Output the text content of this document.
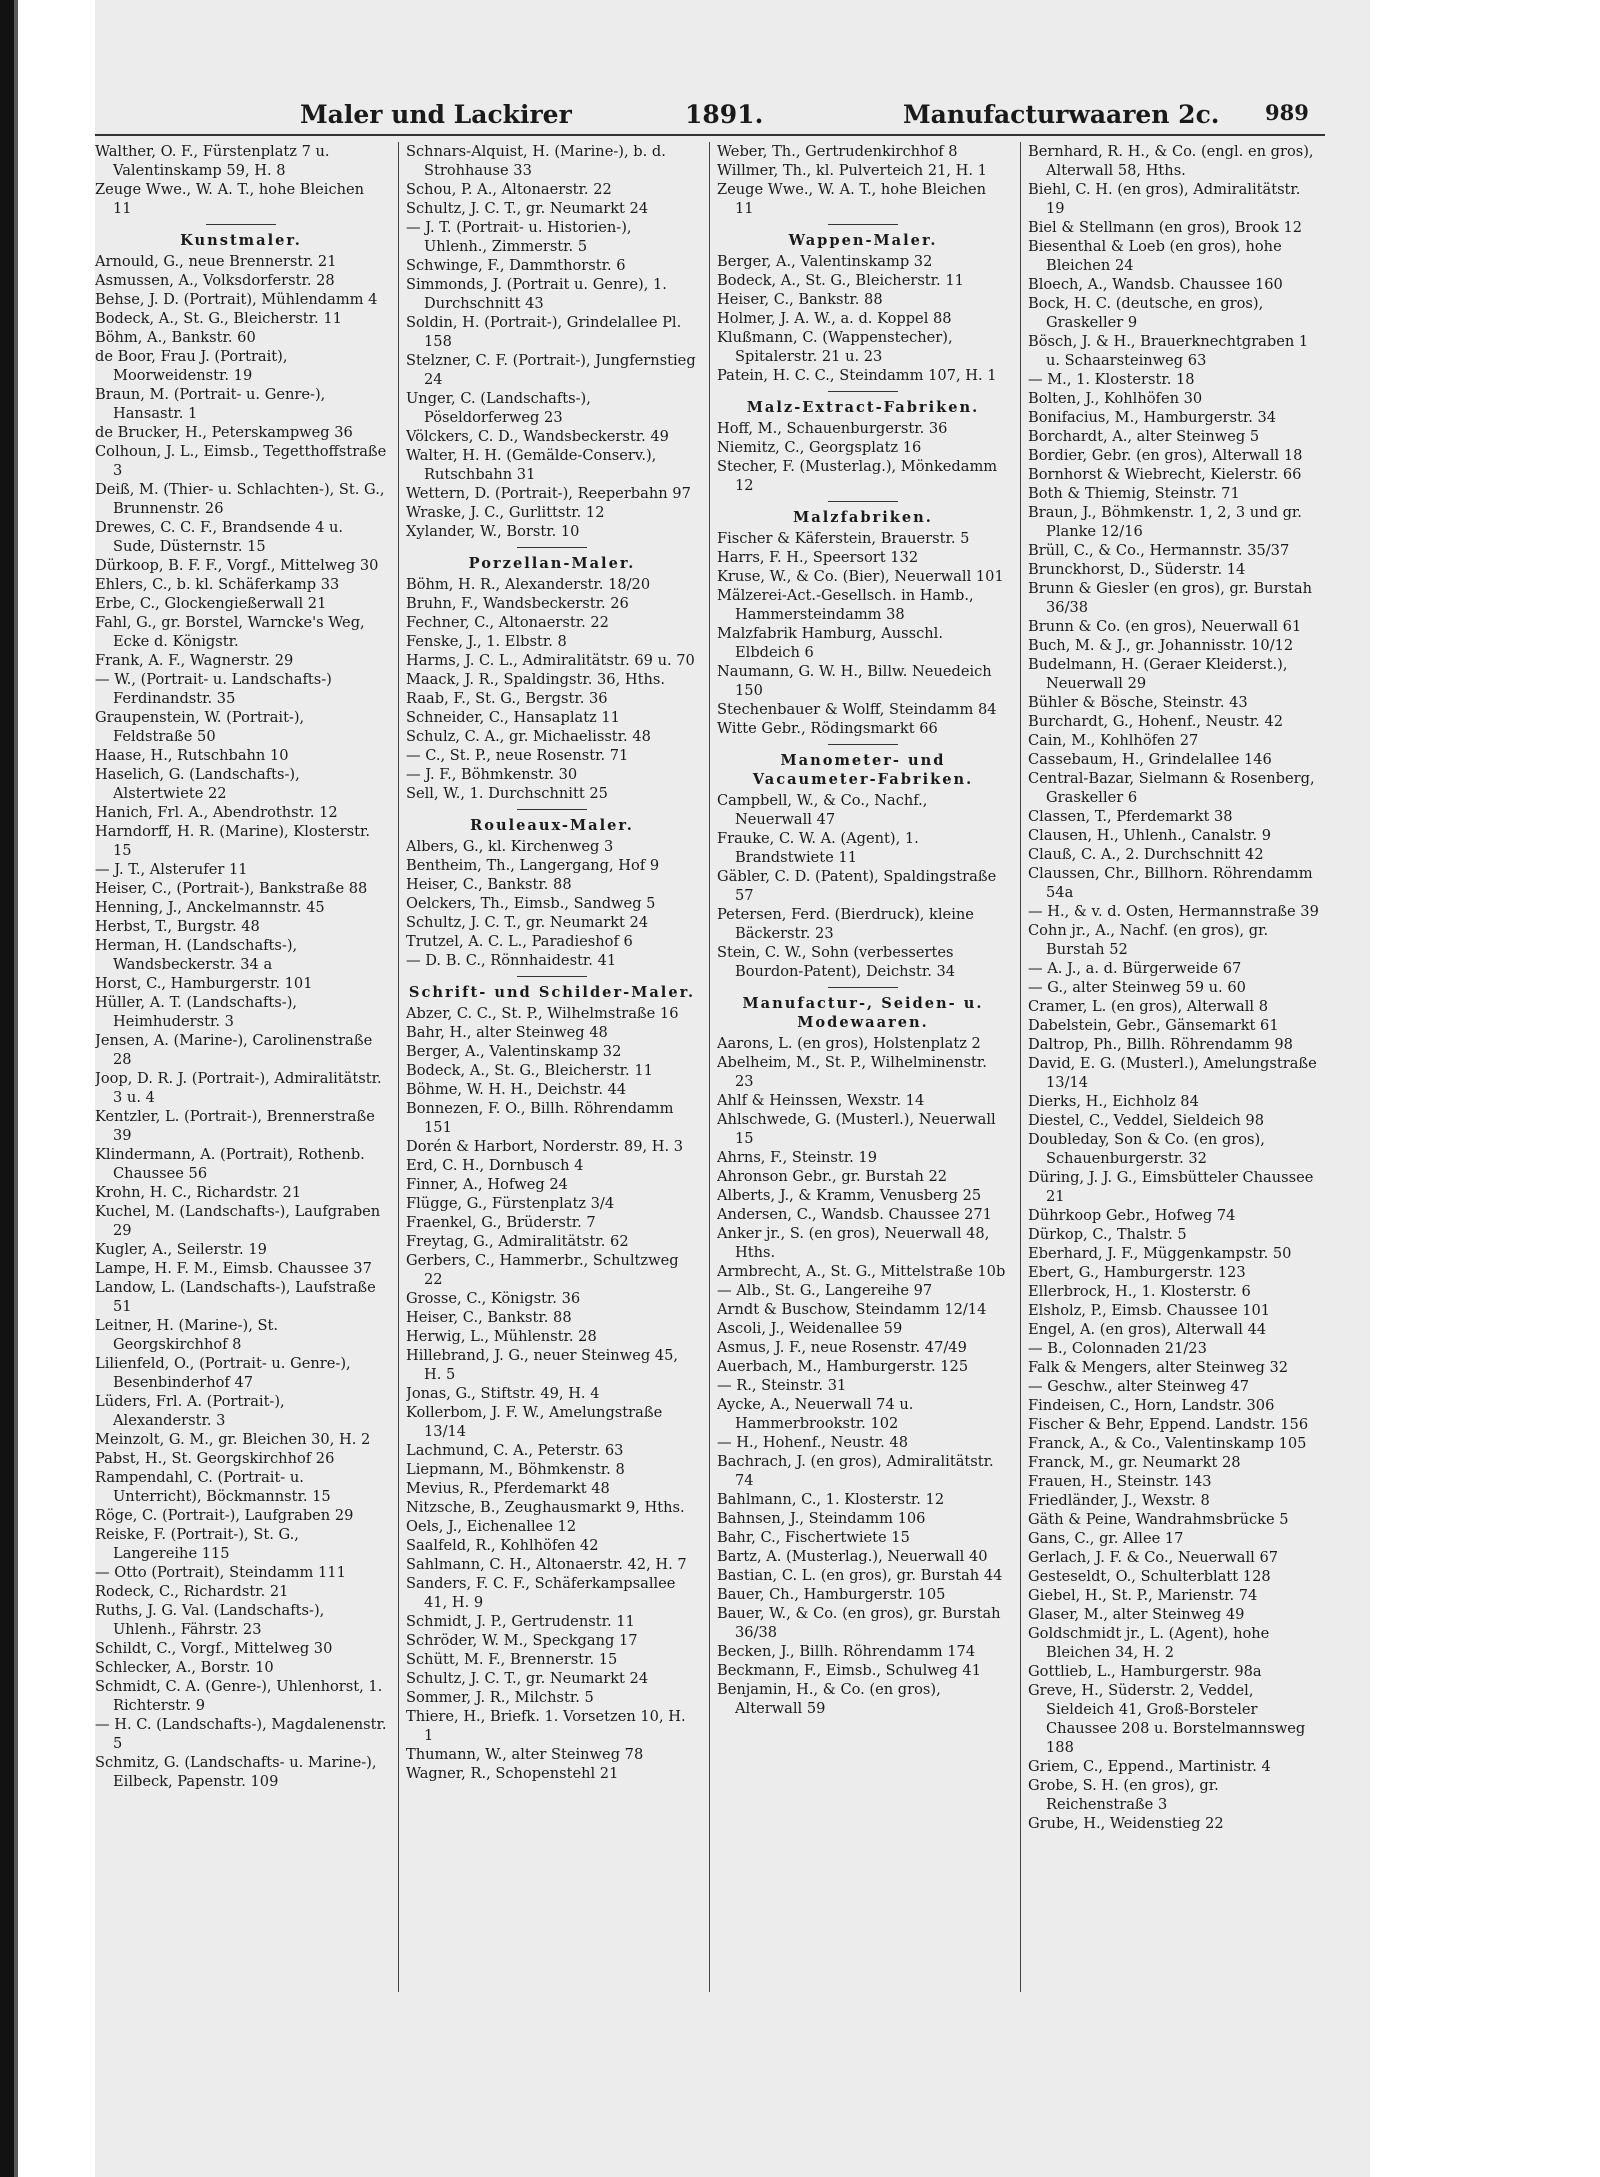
Maler und Lackirer	1891.	Manufacturwaaren 2c. 989

Walther, O. F., Fürstenplatz 7 u. Valentinskamp 59, H. 8

Zeuge Wwe., W. A. T., hohe Bleichen 11

Kunstmaler.

Arnould, G., neue Brennerstr. 21

Asmussen, A., Volksdorferstr. 28

Behse, J. D. (Portrait), Mühlendamm 4

Bodeck, A., St. G., Bleicherstr. 11

Böhm, A., Bankstr. 60

de Boor, Frau J. (Portrait), Moorweidenstr. 19

Braun, M. (Portrait- u. Genre-), Hansastr. 1

de Brucker, H., Peterskampweg 36

Colhoun, J. L., Eimsb., Tegetthoffstraße 3

Deiß, M. (Thier- u. Schlachten-), St. G., Brunnenstr. 26

Drewes, C. C. F., Brandsende 4 u. Sude, Düsternstr. 15

Dürkoop, B. F. F., Vorgf., Mittelweg 30

Ehlers, C., b. kl. Schäferkamp 33

Erbe, C., Glockengießerwall 21

Fahl, G., gr. Borstel, Warncke's Weg, Ecke d. Königstr.

Frank, A. F., Wagnerstr. 29

— W., (Portrait- u. Landschafts-) Ferdinandstr. 35

Graupenstein, W. (Portrait-), Feldstraße 50

Haase, H., Rutschbahn 10

Haselich, G. (Landschafts-), Alstertwiete 22

Hanich, Frl. A., Abendrothstr. 12

Harndorff, H. R. (Marine), Klosterstr. 15

— J. T., Alsterufer 11

Heiser, C., (Portrait-), Bankstraße 88

Henning, J., Anckelmannstr. 45

Herbst, T., Burgstr. 48

Herman, H. (Landschafts-), Wandsbeckerstr. 34 a

Horst, C., Hamburgerstr. 101

Hüller, A. T. (Landschafts-), Heimhuderstr. 3

Jensen, A. (Marine-), Carolinenstraße 28

Joop, D. R. J. (Portrait-), Admiralitätstr. 3 u. 4

Kentzler, L. (Portrait-), Brennerstraße 39

Klindermann, A. (Portrait), Rothenb. Chaussee 56

Krohn, H. C., Richardstr. 21

Kuchel, M. (Landschafts-), Laufgraben 29

Kugler, A., Seilerstr. 19

Lampe, H. F. M., Eimsb. Chaussee 37

Landow, L. (Landschafts-), Laufstraße 51

Leitner, H. (Marine-), St. Georgskirchhof 8

Lilienfeld, O., (Portrait- u. Genre-), Besenbinderhof 47

Lüders, Frl. A. (Portrait-), Alexanderstr. 3

Meinzolt, G. M., gr. Bleichen 30, H. 2

Pabst, H., St. Georgskirchhof 26

Rampendahl, C. (Portrait- u. Unterricht), Böckmannstr. 15

Röge, C. (Portrait-), Laufgraben 29

Reiske, F. (Portrait-), St. G., Langereihe 115

— Otto (Portrait), Steindamm 111

Rodeck, C., Richardstr. 21

Ruths, J. G. Val. (Landschafts-), Uhlenh., Fährstr. 23

Schildt, C., Vorgf., Mittelweg 30

Schlecker, A., Borstr. 10

Schmidt, C. A. (Genre-), Uhlenhorst, 1. Richterstr. 9

— H. C. (Landschafts-), Magdalenenstr. 5

Schmitz, G. (Landschafts- u. Marine-), Eilbeck, Papenstr. 109

Schnars-Alquist, H. (Marine-), b. d. Strohhause 33

Schou, P. A., Altonaerstr. 22

Schultz, J. C. T., gr. Neumarkt 24

— J. T. (Portrait- u. Historien-), Uhlenh., Zimmerstr. 5

Schwinge, F., Dammthorstr. 6

Simmonds, J. (Portrait u. Genre), 1. Durchschnitt 43

Soldin, H. (Portrait-), Grindelallee Pl. 158

Stelzner, C. F. (Portrait-), Jungfernstieg 24

Unger, C. (Landschafts-), Pöseldorferweg 23

Völckers, C. D., Wandsbeckerstr. 49

Walter, H. H. (Gemälde-Conserv.), Rutschbahn 31

Wettern, D. (Portrait-), Reeperbahn 97

Wraske, J. C., Gurlittstr. 12

Xylander, W., Borstr. 10

Porzellan-Maler.

Böhm, H. R., Alexanderstr. 18/20

Bruhn, F., Wandsbeckerstr. 26

Fechner, C., Altonaerstr. 22

Fenske, J., 1. Elbstr. 8

Harms, J. C. L., Admiralitätstr. 69 u. 70

Maack, J. R., Spaldingstr. 36, Hths.

Raab, F., St. G., Bergstr. 36

Schneider, C., Hansaplatz 11

Schulz, C. A., gr. Michaelisstr. 48

— C., St. P., neue Rosenstr. 71

— J. F., Böhmkenstr. 30

Sell, W., 1. Durchschnitt 25

Rouleaux-Maler.

Albers, G., kl. Kirchenweg 3

Bentheim, Th., Langergang, Hof 9

Heiser, C., Bankstr. 88

Oelckers, Th., Eimsb., Sandweg 5

Schultz, J. C. T., gr. Neumarkt 24

Trutzel, A. C. L., Paradieshof 6

— D. B. C., Rönnhaidestr. 41

Schrift- und Schilder-Maler.

Abzer, C. C., St. P., Wilhelmstraße 16

Bahr, H., alter Steinweg 48

Berger, A., Valentinskamp 32

Bodeck, A., St. G., Bleicherstr. 11

Böhme, W. H. H., Deichstr. 44

Bonnezen, F. O., Billh. Röhrendamm 151

Dorén & Harbort, Norderstr. 89, H. 3

Erd, C. H., Dornbusch 4

Finner, A., Hofweg 24

Flügge, G., Fürstenplatz 3/4

Fraenkel, G., Brüderstr. 7

Freytag, G., Admiralitätstr. 62

Gerbers, C., Hammerbr., Schultzweg 22

Grosse, C., Königstr. 36

Heiser, C., Bankstr. 88

Herwig, L., Mühlenstr. 28

Hillebrand, J. G., neuer Steinweg 45, H. 5

Jonas, G., Stiftstr. 49, H. 4

Kollerbom, J. F. W., Amelungstraße 13/14

Lachmund, C. A., Peterstr. 63

Liepmann, M., Böhmkenstr. 8

Mevius, R., Pferdemarkt 48

Nitzsche, B., Zeughausmarkt 9, Hths.

Oels, J., Eichenallee 12

Saalfeld, R., Kohlhöfen 42

Sahlmann, C. H., Altonaerstr. 42, H. 7

Sanders, F. C. F., Schäferkampsallee 41, H. 9

Schmidt, J. P., Gertrudenstr. 11

Schröder, W. M., Speckgang 17

Schütt, M. F., Brennerstr. 15

Schultz, J. C. T., gr. Neumarkt 24

Sommer, J. R., Milchstr. 5

Thiere, H., Briefk. 1. Vorsetzen 10, H. 1

Thumann, W., alter Steinweg 78

Wagner, R., Schopenstehl 21

Weber, Th., Gertrudenkirchhof 8

Willmer, Th., kl. Pulverteich 21, H. 1

Zeuge Wwe., W. A. T., hohe Bleichen 11

Wappen-Maler.

Berger, A., Valentinskamp 32

Bodeck, A., St. G., Bleicherstr. 11

Heiser, C., Bankstr. 88

Holmer, J. A. W., a. d. Koppel 88

Klußmann, C. (Wappenstecher), Spitalerstr. 21 u. 23

Patein, H. C. C., Steindamm 107, H. 1

Malz-Extract-Fabriken.

Hoff, M., Schauenburgerstr. 36

Niemitz, C., Georgsplatz 16

Stecher, F. (Musterlag.), Mönkedamm 12

Malzfabriken.

Fischer & Käferstein, Brauerstr. 5

Harrs, F. H., Speersort 132

Kruse, W., & Co. (Bier), Neuerwall 101

Mälzerei-Act.-Gesellsch. in Hamb., Hammersteindamm 38

Malzfabrik Hamburg, Ausschl. Elbdeich 6

Naumann, G. W. H., Billw. Neuedeich 150

Stechenbauer & Wolff, Steindamm 84

Witte Gebr., Rödingsmarkt 66

Manometer- und Vacaumeter-Fabriken.

Campbell, W., & Co., Nachf., Neuerwall 47

Frauke, C. W. A. (Agent), 1. Brandstwiete 11

Gäbler, C. D. (Patent), Spaldingstraße 57

Petersen, Ferd. (Bierdruck), kleine Bäckerstr. 23

Stein, C. W., Sohn (verbessertes Bourdon-Patent), Deichstr. 34

Manufactur-, Seiden- u. Modewaaren.

Aarons, L. (en gros), Holstenplatz 2

Abelheim, M., St. P., Wilhelminenstr. 23

Ahlf & Heinssen, Wexstr. 14

Ahlschwede, G. (Musterl.), Neuerwall 15

Ahrns, F., Steinstr. 19

Ahronson Gebr., gr. Burstah 22

Alberts, J., & Kramm, Venusberg 25

Andersen, C., Wandsb. Chaussee 271

Anker jr., S. (en gros), Neuerwall 48, Hths.

Armbrecht, A., St. G., Mittelstraße 10b

— Alb., St. G., Langereihe 97

Arndt & Buschow, Steindamm 12/14

Ascoli, J., Weidenallee 59

Asmus, J. F., neue Rosenstr. 47/49

Auerbach, M., Hamburgerstr. 125

— R., Steinstr. 31

Aycke, A., Neuerwall 74 u. Hammerbrookstr. 102

— H., Hohenf., Neustr. 48

Bachrach, J. (en gros), Admiralitätstr. 74

Bahlmann, C., 1. Klosterstr. 12

Bahnsen, J., Steindamm 106

Bahr, C., Fischertwiete 15

Bartz, A. (Musterlag.), Neuerwall 40

Bastian, C. L. (en gros), gr. Burstah 44

Bauer, Ch., Hamburgerstr. 105

Bauer, W., & Co. (en gros), gr. Burstah 36/38

Becken, J., Billh. Röhrendamm 174

Beckmann, F., Eimsb., Schulweg 41

Benjamin, H., & Co. (en gros), Alterwall 59

Bernhard, R. H., & Co. (engl. en gros), Alterwall 58, Hths.

Biehl, C. H. (en gros), Admiralitätstr. 19

Biel & Stellmann (en gros), Brook 12

Biesenthal & Loeb (en gros), hohe Bleichen 24

Bloech, A., Wandsb. Chaussee 160

Bock, H. C. (deutsche, en gros), Graskeller 9

Bösch, J. & H., Brauerknechtgraben 1 u. Schaarsteinweg 63

— M., 1. Klosterstr. 18

Bolten, J., Kohlhöfen 30

Bonifacius, M., Hamburgerstr. 34

Borchardt, A., alter Steinweg 5

Bordier, Gebr. (en gros), Alterwall 18

Bornhorst & Wiebrecht, Kielerstr. 66

Both & Thiemig, Steinstr. 71

Braun, J., Böhmkenstr. 1, 2, 3 und gr. Planke 12/16

Brüll, C., & Co., Hermannstr. 35/37

Brunckhorst, D., Süderstr. 14

Brunn & Giesler (en gros), gr. Burstah 36/38

Brunn & Co. (en gros), Neuerwall 61

Buch, M. & J., gr. Johannisstr. 10/12

Budelmann, H. (Geraer Kleiderst.), Neuerwall 29

Bühler & Bösche, Steinstr. 43

Burchardt, G., Hohenf., Neustr. 42

Cain, M., Kohlhöfen 27

Cassebaum, H., Grindelallee 146

Central-Bazar, Sielmann & Rosenberg, Graskeller 6

Classen, T., Pferdemarkt 38

Clausen, H., Uhlenh., Canalstr. 9

Clauß, C. A., 2. Durchschnitt 42

Claussen, Chr., Billhorn. Röhrendamm 54a

— H., & v. d. Osten, Hermannstraße 39

Cohn jr., A., Nachf. (en gros), gr. Burstah 52

— A. J., a. d. Bürgerweide 67

— G., alter Steinweg 59 u. 60

Cramer, L. (en gros), Alterwall 8

Dabelstein, Gebr., Gänsemarkt 61

Daltrop, Ph., Billh. Röhrendamm 98

David, E. G. (Musterl.), Amelungstraße 13/14

Dierks, H., Eichholz 84

Diestel, C., Veddel, Sieldeich 98

Doubleday, Son & Co. (en gros), Schauenburgerstr. 32

Düring, J. J. G., Eimsbütteler Chaussee 21

Dührkoop Gebr., Hofweg 74

Dürkop, C., Thalstr. 5

Eberhard, J. F., Müggenkampstr. 50

Ebert, G., Hamburgerstr. 123

Ellerbrock, H., 1. Klosterstr. 6

Elsholz, P., Eimsb. Chaussee 101

Engel, A. (en gros), Alterwall 44

— B., Colonnaden 21/23

Falk & Mengers, alter Steinweg 32

— Geschw., alter Steinweg 47

Findeisen, C., Horn, Landstr. 306

Fischer & Behr, Eppend. Landstr. 156

Franck, A., & Co., Valentinskamp 105

Franck, M., gr. Neumarkt 28

Frauen, H., Steinstr. 143

Friedländer, J., Wexstr. 8

Gäth & Peine, Wandrahmsbrücke 5

Gans, C., gr. Allee 17

Gerlach, J. F. & Co., Neuerwall 67

Gesteseldt, O., Schulterblatt 128

Giebel, H., St. P., Marienstr. 74

Glaser, M., alter Steinweg 49

Goldschmidt jr., L. (Agent), hohe Bleichen 34, H. 2

Gottlieb, L., Hamburgerstr. 98a

Greve, H., Süderstr. 2, Veddel, Sieldeich 41, Groß-Borsteler Chaussee 208 u. Borstelmannsweg 188

Griem, C., Eppend., Martinistr. 4

Grobe, S. H. (en gros), gr. Reichenstraße 3

Grube, H., Weidenstieg 22
